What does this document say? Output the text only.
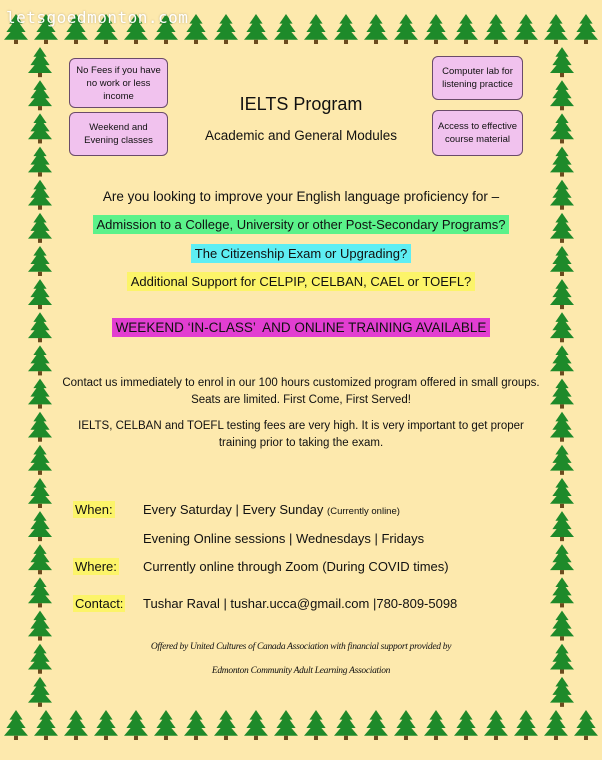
letsgoedmonton.com
No Fees if you have no work or less income
Weekend and Evening classes
Computer lab for listening practice
Access to effective course material
IELTS Program
Academic and General Modules
Are you looking to improve your English language proficiency for –
Admission to a College, University or other Post-Secondary Programs?
The Citizenship Exam or Upgrading?
Additional Support for CELPIP, CELBAN, CAEL or TOEFL?
WEEKEND ‘IN-CLASS’  AND ONLINE TRAINING AVAILABLE
Contact us immediately to enrol in our 100 hours customized program offered in small groups. Seats are limited. First Come, First Served!
IELTS, CELBAN and TOEFL testing fees are very high. It is very important to get proper training prior to taking the exam.
When: Every Saturday | Every Sunday (Currently online)
Evening Online sessions | Wednesdays | Fridays
Where: Currently online through Zoom (During COVID times)
Contact: Tushar Raval | tushar.ucca@gmail.com |780-809-5098
Offered by United Cultures of Canada Association with financial support provided by
Edmonton Community Adult Learning Association
